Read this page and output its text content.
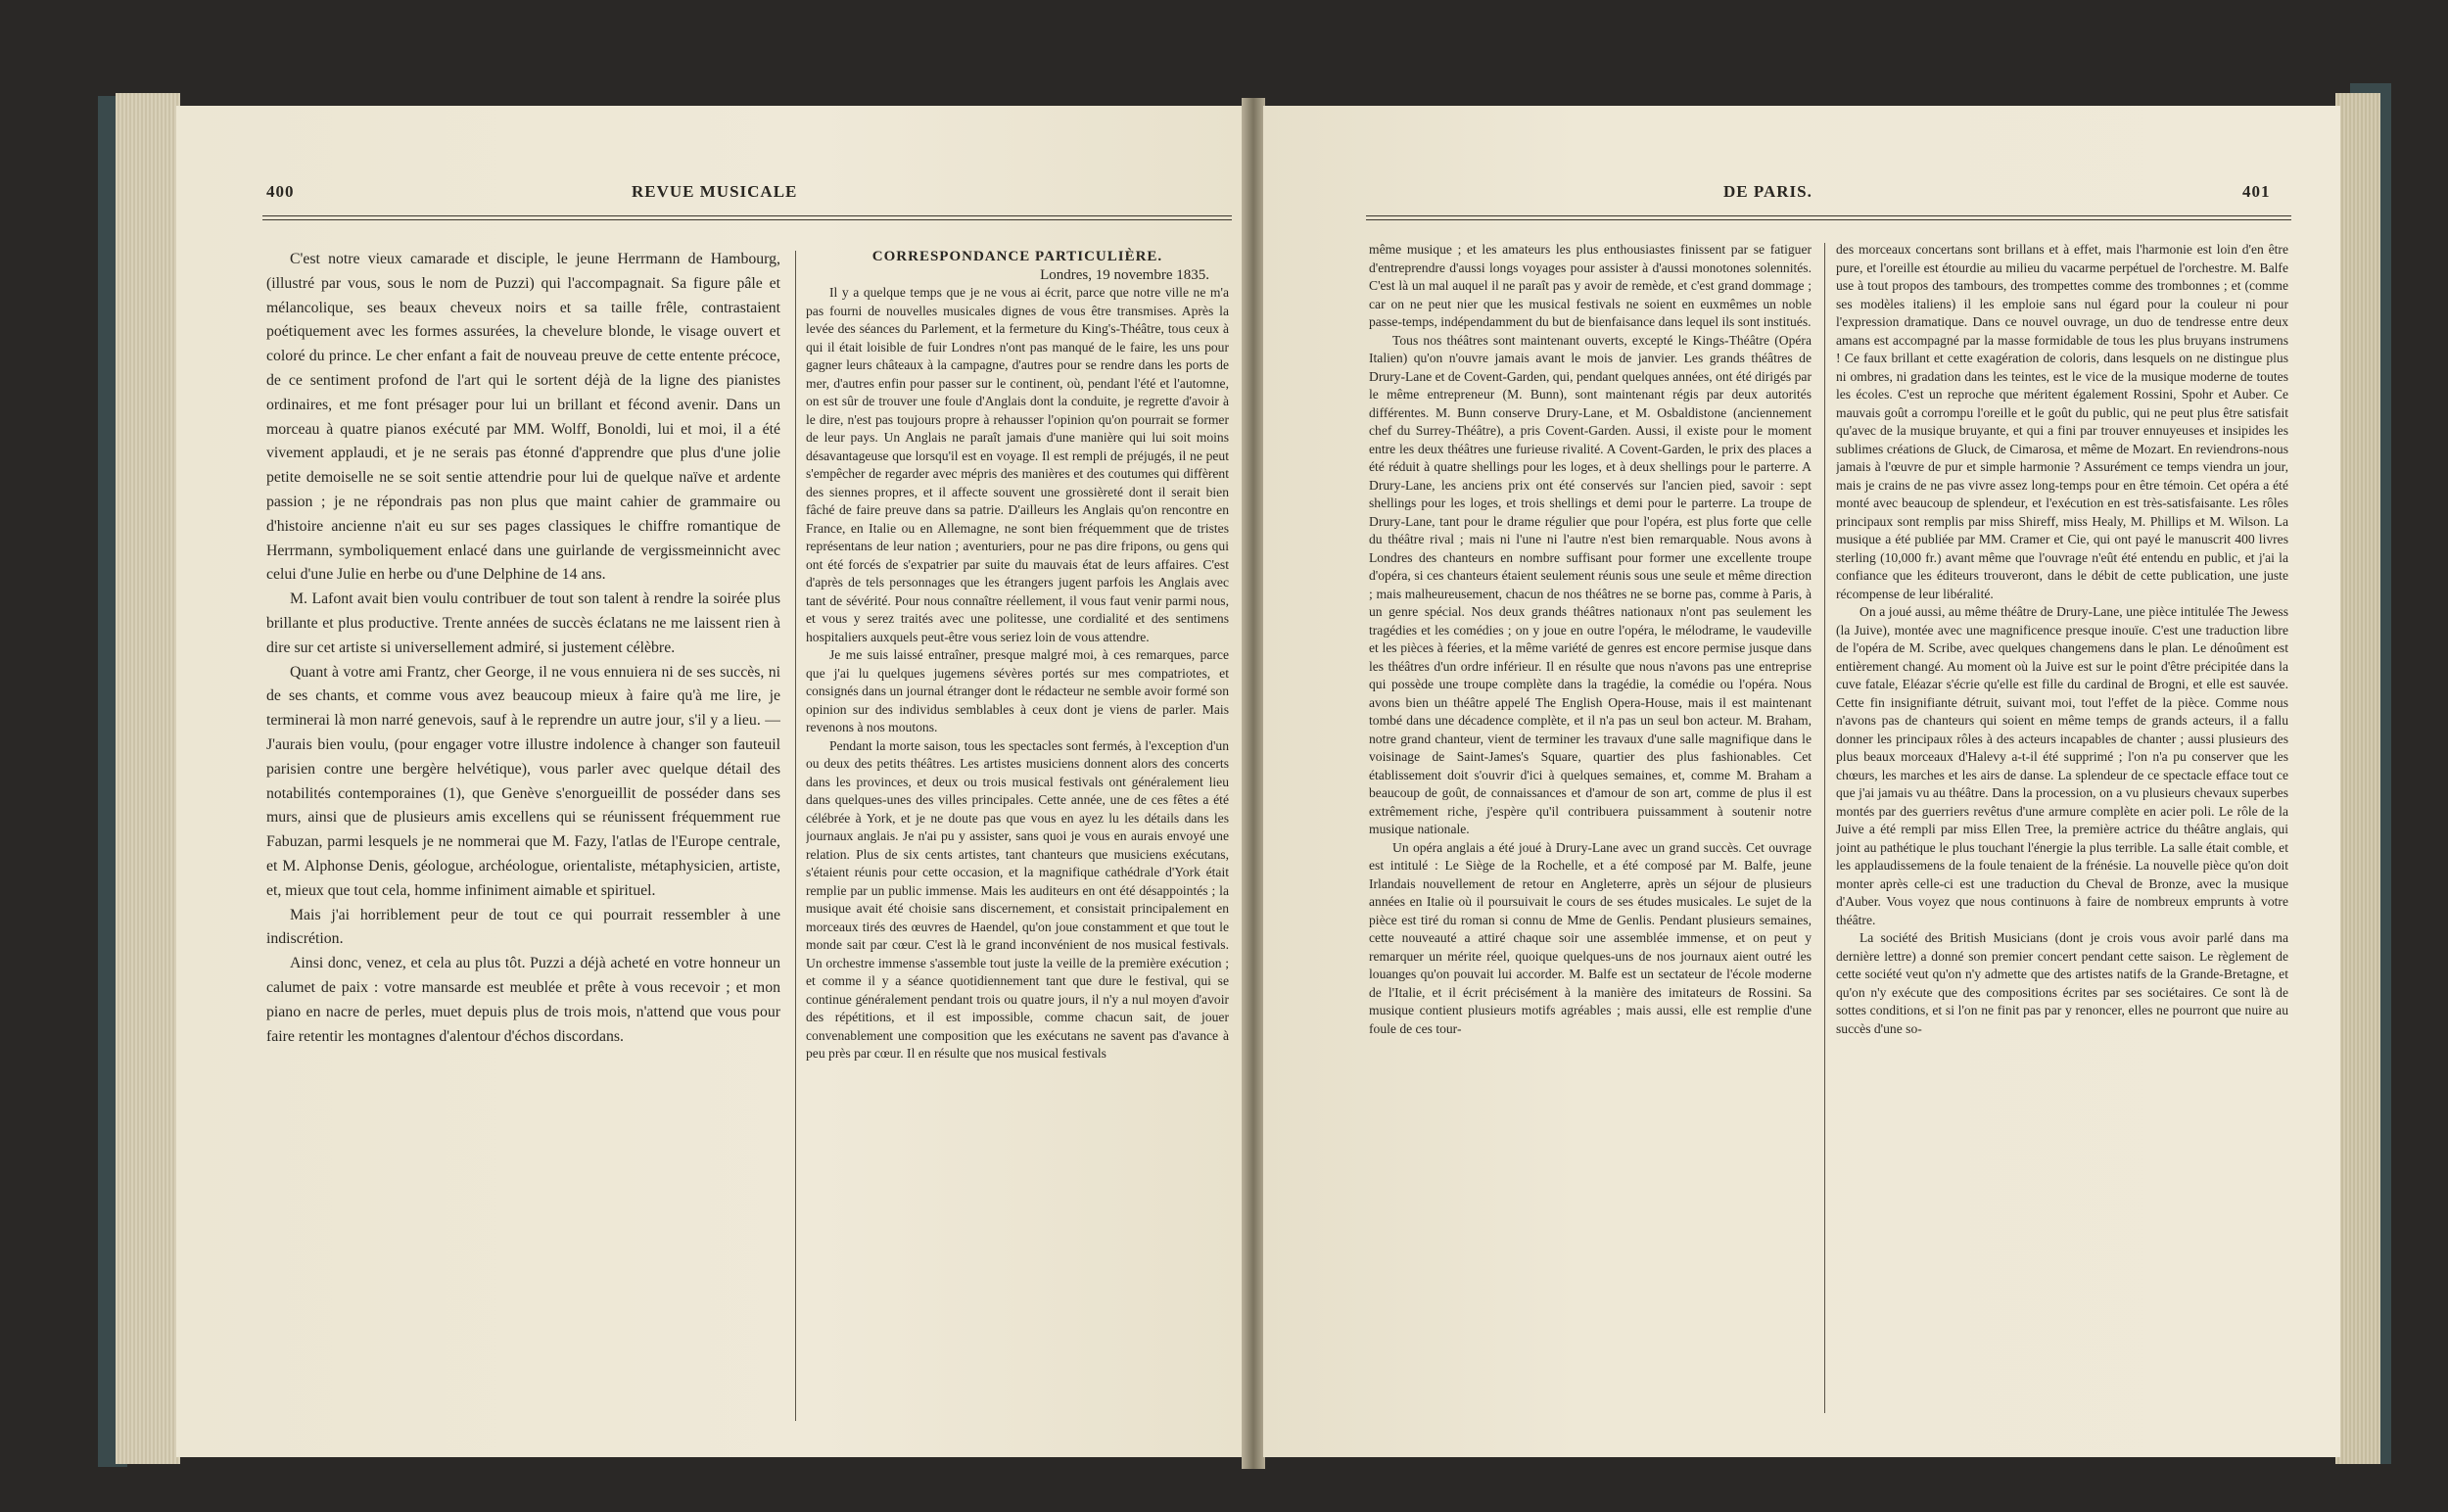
400	REVUE MUSICALE

C'est notre vieux camarade et disciple, le jeune Herrmann de Hambourg, (illustré par vous, sous le nom de Puzzi) qui l'accompagnait. Sa figure pâle et mélancolique, ses beaux cheveux noirs et sa taille frêle, contrastaient poétiquement avec les formes assurées, la chevelure blonde, le visage ouvert et coloré du prince. Le cher enfant a fait de nouveau preuve de cette entente précoce, de ce sentiment profond de l'art qui le sortent déjà de la ligne des pianistes ordinaires, et me font présager pour lui un brillant et fécond avenir. Dans un morceau à quatre pianos exécuté par MM. Wolff, Bonoldi, lui et moi, il a été vivement applaudi, et je ne serais pas étonné d'apprendre que plus d'une jolie petite demoiselle ne se soit sentie attendrie pour lui de quelque naïve et ardente passion ; je ne répondrais pas non plus que maint cahier de grammaire ou d'histoire ancienne n'ait eu sur ses pages classiques le chiffre romantique de Herrmann, symboliquement enlacé dans une guirlande de vergissmeinnicht avec celui d'une Julie en herbe ou d'une Delphine de 14 ans.

M. Lafont avait bien voulu contribuer de tout son talent à rendre la soirée plus brillante et plus productive. Trente années de succès éclatans ne me laissent rien à dire sur cet artiste si universellement admiré, si justement célèbre.

Quant à votre ami Frantz, cher George, il ne vous ennuiera ni de ses succès, ni de ses chants, et comme vous avez beaucoup mieux à faire qu'à me lire, je terminerai là mon narré genevois, sauf à le reprendre un autre jour, s'il y a lieu. — J'aurais bien voulu, (pour engager votre illustre indolence à changer son fauteuil parisien contre une bergère helvétique), vous parler avec quelque détail des notabilités contemporaines (1), que Genève s'enorgueillit de posséder dans ses murs, ainsi que de plusieurs amis excellens qui se réunissent fréquemment rue Fabuzan, parmi lesquels je ne nommerai que M. Fazy, l'atlas de l'Europe centrale, et M. Alphonse Denis, géologue, archéologue, orientaliste, métaphysicien, artiste, et, mieux que tout cela, homme infiniment aimable et spirituel.

Mais j'ai horriblement peur de tout ce qui pourrait ressembler à une indiscrétion.

Ainsi donc, venez, et cela au plus tôt. Puzzi a déjà acheté en votre honneur un calumet de paix : votre mansarde est meublée et prête à vous recevoir ; et mon piano en nacre de perles, muet depuis plus de trois mois, n'attend que vous pour faire retentir les montagnes d'alentour d'échos discordans.

CORRESPONDANCE PARTICULIÈRE.

Londres, 19 novembre 1835.

Il y a quelque temps que je ne vous ai écrit, parce que notre ville ne m'a pas fourni de nouvelles musicales dignes de vous être transmises. Après la levée des séances du Parlement, et la fermeture du King's-Théâtre, tous ceux à qui il était loisible de fuir Londres n'ont pas manqué de le faire, les uns pour gagner leurs châteaux à la campagne, d'autres pour se rendre dans les ports de mer, d'autres enfin pour passer sur le continent, où, pendant l'été et l'automne, on est sûr de trouver une foule d'Anglais dont la conduite, je regrette d'avoir à le dire, n'est pas toujours propre à rehausser l'opinion qu'on pourrait se former de leur pays. Un Anglais ne paraît jamais d'une manière qui lui soit moins désavantageuse que lorsqu'il est en voyage. Il est rempli de préjugés, il ne peut s'empêcher de regarder avec mépris des manières et des coutumes qui diffèrent des siennes propres, et il affecte souvent une grossièreté dont il serait bien fâché de faire preuve dans sa patrie. D'ailleurs les Anglais qu'on rencontre en France, en Italie ou en Allemagne, ne sont bien fréquemment que de tristes représentans de leur nation ; aventuriers, pour ne pas dire fripons, ou gens qui ont été forcés de s'expatrier par suite du mauvais état de leurs affaires. C'est d'après de tels personnages que les étrangers jugent parfois les Anglais avec tant de sévérité. Pour nous connaître réellement, il vous faut venir parmi nous, et vous y serez traités avec une politesse, une cordialité et des sentimens hospitaliers auxquels peut-être vous seriez loin de vous attendre.

Je me suis laissé entraîner, presque malgré moi, à ces remarques, parce que j'ai lu quelques jugemens sévères portés sur mes compatriotes, et consignés dans un journal étranger dont le rédacteur ne semble avoir formé son opinion sur des individus semblables à ceux dont je viens de parler. Mais revenons à nos moutons.

Pendant la morte saison, tous les spectacles sont fermés, à l'exception d'un ou deux des petits théâtres. Les artistes musiciens donnent alors des concerts dans les provinces, et deux ou trois musical festivals ont généralement lieu dans quelques-unes des villes principales. Cette année, une de ces fêtes a été célébrée à York, et je ne doute pas que vous en ayez lu les détails dans les journaux anglais. Je n'ai pu y assister, sans quoi je vous en aurais envoyé une relation. Plus de six cents artistes, tant chanteurs que musiciens exécutans, s'étaient réunis pour cette occasion, et la magnifique cathédrale d'York était remplie par un public immense. Mais les auditeurs en ont été désappointés ; la musique avait été choisie sans discernement, et consistait principalement en morceaux tirés des œuvres de Haendel, qu'on joue constamment et que tout le monde sait par cœur. C'est là le grand inconvénient de nos musical festivals. Un orchestre immense s'assemble tout juste la veille de la première exécution ; et comme il y a séance quotidiennement tant que dure le festival, qui se continue généralement pendant trois ou quatre jours, il n'y a nul moyen d'avoir des répétitions, et il est impossible, comme chacun sait, de jouer convenablement une composition que les exécutans ne savent pas d'avance à peu près par cœur. Il en résulte que nos musical festivals

DE PARIS.	401

même musique ; et les amateurs les plus enthousiastes finissent par se fatiguer d'entreprendre d'aussi longs voyages pour assister à d'aussi monotones solennités. C'est là un mal auquel il ne paraît pas y avoir de remède, et c'est grand dommage ; car on ne peut nier que les musical festivals ne soient en euxmêmes un noble passe-temps, indépendamment du but de bienfaisance dans lequel ils sont institués.

Tous nos théâtres sont maintenant ouverts, excepté le Kings-Théâtre (Opéra Italien) qu'on n'ouvre jamais avant le mois de janvier. Les grands théâtres de Drury-Lane et de Covent-Garden, qui, pendant quelques années, ont été dirigés par le même entrepreneur (M. Bunn), sont maintenant régis par deux autorités différentes. M. Bunn conserve Drury-Lane, et M. Osbaldistone (anciennement chef du Surrey-Théâtre), a pris Covent-Garden. Aussi, il existe pour le moment entre les deux théâtres une furieuse rivalité. A Covent-Garden, le prix des places a été réduit à quatre shellings pour les loges, et à deux shellings pour le parterre. A Drury-Lane, les anciens prix ont été conservés sur l'ancien pied, savoir : sept shellings pour les loges, et trois shellings et demi pour le parterre. La troupe de Drury-Lane, tant pour le drame régulier que pour l'opéra, est plus forte que celle du théâtre rival ; mais ni l'une ni l'autre n'est bien remarquable. Nous avons à Londres des chanteurs en nombre suffisant pour former une excellente troupe d'opéra, si ces chanteurs étaient seulement réunis sous une seule et même direction ; mais malheureusement, chacun de nos théâtres ne se borne pas, comme à Paris, à un genre spécial. Nos deux grands théâtres nationaux n'ont pas seulement les tragédies et les comédies ; on y joue en outre l'opéra, le mélodrame, le vaudeville et les pièces à féeries, et la même variété de genres est encore permise jusque dans les théâtres d'un ordre inférieur. Il en résulte que nous n'avons pas une entreprise qui possède une troupe complète dans la tragédie, la comédie ou l'opéra. Nous avons bien un théâtre appelé The English Opera-House, mais il est maintenant tombé dans une décadence complète, et il n'a pas un seul bon acteur. M. Braham, notre grand chanteur, vient de terminer les travaux d'une salle magnifique dans le voisinage de Saint-James's Square, quartier des plus fashionables. Cet établissement doit s'ouvrir d'ici à quelques semaines, et, comme M. Braham a beaucoup de goût, de connaissances et d'amour de son art, comme de plus il est extrêmement riche, j'espère qu'il contribuera puissamment à soutenir notre musique nationale.

Un opéra anglais a été joué à Drury-Lane avec un grand succès. Cet ouvrage est intitulé : Le Siège de la Rochelle, et a été composé par M. Balfe, jeune Irlandais nouvellement de retour en Angleterre, après un séjour de plusieurs années en Italie où il poursuivait le cours de ses études musicales. Le sujet de la pièce est tiré du roman si connu de Mme de Genlis. Pendant plusieurs semaines, cette nouveauté a attiré chaque soir une assemblée immense, et on peut y remarquer un mérite réel, quoique quelques-uns de nos journaux aient outré les louanges qu'on pouvait lui accorder. M. Balfe est un sectateur de l'école moderne de l'Italie, et il écrit précisément à la manière des imitateurs de Rossini. Sa musique contient plusieurs motifs agréables ; mais aussi, elle est remplie d'une foule de ces tour-

des morceaux concertans sont brillans et à effet, mais l'harmonie est loin d'en être pure, et l'oreille est étourdie au milieu du vacarme perpétuel de l'orchestre. M. Balfe use à tout propos des tambours, des trompettes comme des trombonnes ; et (comme ses modèles italiens) il les emploie sans nul égard pour la couleur ni pour l'expression dramatique. Dans ce nouvel ouvrage, un duo de tendresse entre deux amans est accompagné par la masse formidable de tous les plus bruyans instrumens ! Ce faux brillant et cette exagération de coloris, dans lesquels on ne distingue plus ni ombres, ni gradation dans les teintes, est le vice de la musique moderne de toutes les écoles. C'est un reproche que méritent également Rossini, Spohr et Auber. Ce mauvais goût a corrompu l'oreille et le goût du public, qui ne peut plus être satisfait qu'avec de la musique bruyante, et qui a fini par trouver ennuyeuses et insipides les sublimes créations de Gluck, de Cimarosa, et même de Mozart. En reviendrons-nous jamais à l'œuvre de pur et simple harmonie ? Assurément ce temps viendra un jour, mais je crains de ne pas vivre assez long-temps pour en être témoin. Cet opéra a été monté avec beaucoup de splendeur, et l'exécution en est très-satisfaisante. Les rôles principaux sont remplis par miss Shireff, miss Healy, M. Phillips et M. Wilson. La musique a été publiée par MM. Cramer et Cie, qui ont payé le manuscrit 400 livres sterling (10,000 fr.) avant même que l'ouvrage n'eût été entendu en public, et j'ai la confiance que les éditeurs trouveront, dans le débit de cette publication, une juste récompense de leur libéralité.

On a joué aussi, au même théâtre de Drury-Lane, une pièce intitulée The Jewess (la Juive), montée avec une magnificence presque inouïe. C'est une traduction libre de l'opéra de M. Scribe, avec quelques changemens dans le plan. Le dénoûment est entièrement changé. Au moment où la Juive est sur le point d'être précipitée dans la cuve fatale, Eléazar s'écrie qu'elle est fille du cardinal de Brogni, et elle est sauvée. Cette fin insignifiante détruit, suivant moi, tout l'effet de la pièce. Comme nous n'avons pas de chanteurs qui soient en même temps de grands acteurs, il a fallu donner les principaux rôles à des acteurs incapables de chanter ; aussi plusieurs des plus beaux morceaux d'Halevy a-t-il été supprimé ; l'on n'a pu conserver que les chœurs, les marches et les airs de danse. La splendeur de ce spectacle efface tout ce que j'ai jamais vu au théâtre. Dans la procession, on a vu plusieurs chevaux superbes montés par des guerriers revêtus d'une armure complète en acier poli. Le rôle de la Juive a été rempli par miss Ellen Tree, la première actrice du théâtre anglais, qui joint au pathétique le plus touchant l'énergie la plus terrible. La salle était comble, et les applaudissemens de la foule tenaient de la frénésie. La nouvelle pièce qu'on doit monter après celle-ci est une traduction du Cheval de Bronze, avec la musique d'Auber. Vous voyez que nous continuons à faire de nombreux emprunts à votre théâtre.

La société des British Musicians (dont je crois vous avoir parlé dans ma dernière lettre) a donné son premier concert pendant cette saison. Le règlement de cette société veut qu'on n'y admette que des artistes natifs de la Grande-Bretagne, et qu'on n'y exécute que des compositions écrites par ses sociétaires. Ce sont là de sottes conditions, et si l'on ne finit pas par y renoncer, elles ne pourront que nuire au succès d'une so-
